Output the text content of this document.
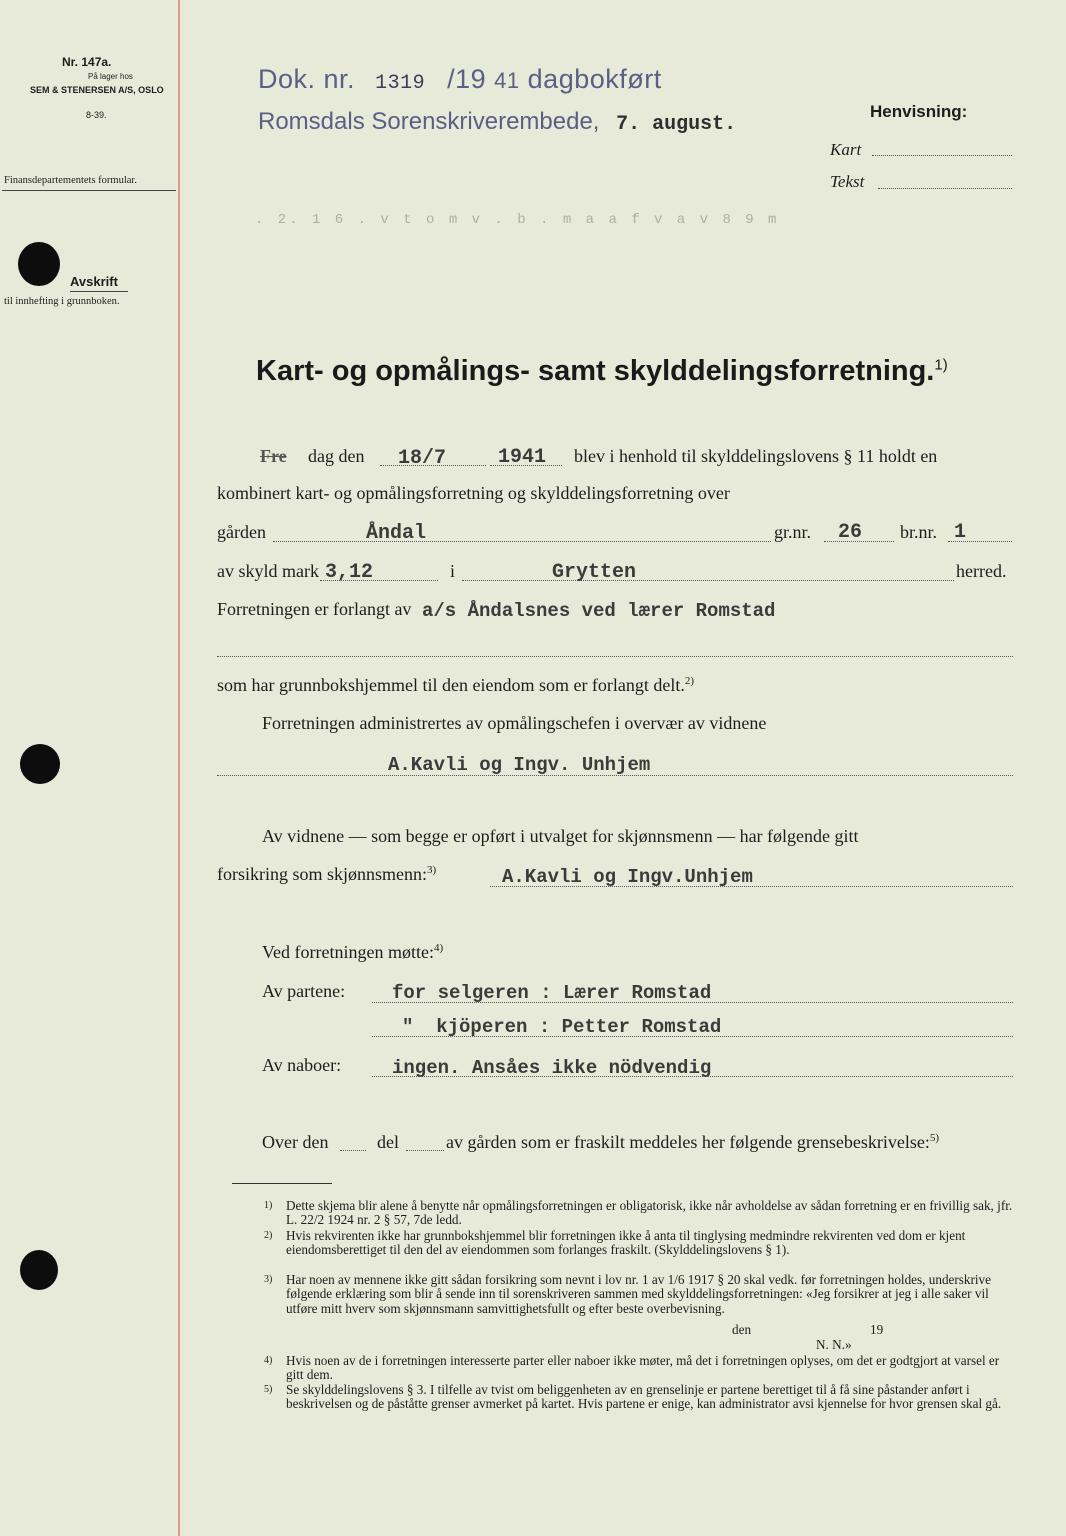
Nr. 147a.
På lager hos
SEM & STENERSEN A/S, OSLO
8-39.
Finansdepartementets formular.
Avskrift
til innhefting i grunnboken.
Dok. nr. 1319 /19 41 dagbokført
Romsdals Sorenskriverembede, 7. august.
Henvisning:
Kart
Tekst
. 2. 1 6 . v t o m v . b . m a a f v a v 8 9 m
Kart- og opmålings- samt skylddelingsforretning.$^{1)}$
Fre dag den 18/7	1941 blev i henhold til skylddelingslovens § 11 holdt en
kombinert kart- og opmålingsforretning og skylddelingsforretning over
gården	Åndal	gr.nr. 26 br.nr. 1
av skyld mark 3,12	i	Grytten	herred.
Forretningen er forlangt av a/s Åndalsnes ved lærer Romstad
som har grunnbokshjemmel til den eiendom som er forlangt delt.$^{2)}$
Forretningen administrertes av opmålingschefen i overvær av vidnene
A.Kavli og Ingv. Unhjem
Av vidnene — som begge er opført i utvalget for skjønnsmenn — har følgende gitt
forsikring som skjønnsmenn:$^{3)}$	A.Kavli og Ingv.Unhjem
Ved forretningen møtte:$^{4)}$
Av partene: for selgeren : Lærer Romstad
"  kjöperen : Petter Romstad
Av naboer:	ingen. Ansåes ikke nödvendig
Over den	del	av gården som er fraskilt meddeles her følgende grensebeskrivelse:$^{5)}$
1) Dette skjema blir alene å benytte når opmålingsforretningen er obligatorisk, ikke når avholdelse av sådan forretning er en frivillig sak, jfr. L. 22/2 1924 nr. 2 § 57, 7de ledd.
2) Hvis rekvirenten ikke har grunnbokshjemmel blir forretningen ikke å anta til tinglysing medmindre rekvirenten ved dom er kjent eiendomsberettiget til den del av eiendommen som forlanges fraskilt. (Skylddelingslovens § 1).
3) Har noen av mennene ikke gitt sådan forsikring som nevnt i lov nr. 1 av 1/6 1917 § 20 skal vedk. før forretningen holdes, underskrive følgende erklæring som blir å sende inn til sorenskriveren sammen med skylddelingsforretningen: «Jeg forsikrer at jeg i alle saker vil utføre mitt hverv som skjønnsmann samvittighetsfullt og efter beste overbevisning.
den	19
N. N.»
4) Hvis noen av de i forretningen interesserte parter eller naboer ikke møter, må det i forretningen oplyses, om det er godtgjort at varsel er gitt dem.
5) Se skylddelingslovens § 3. I tilfelle av tvist om beliggenheten av en grenselinje er partene berettiget til å få sine påstander anført i beskrivelsen og de påståtte grenser avmerket på kartet. Hvis partene er enige, kan administrator avsi kjennelse for hvor grensen skal gå.
